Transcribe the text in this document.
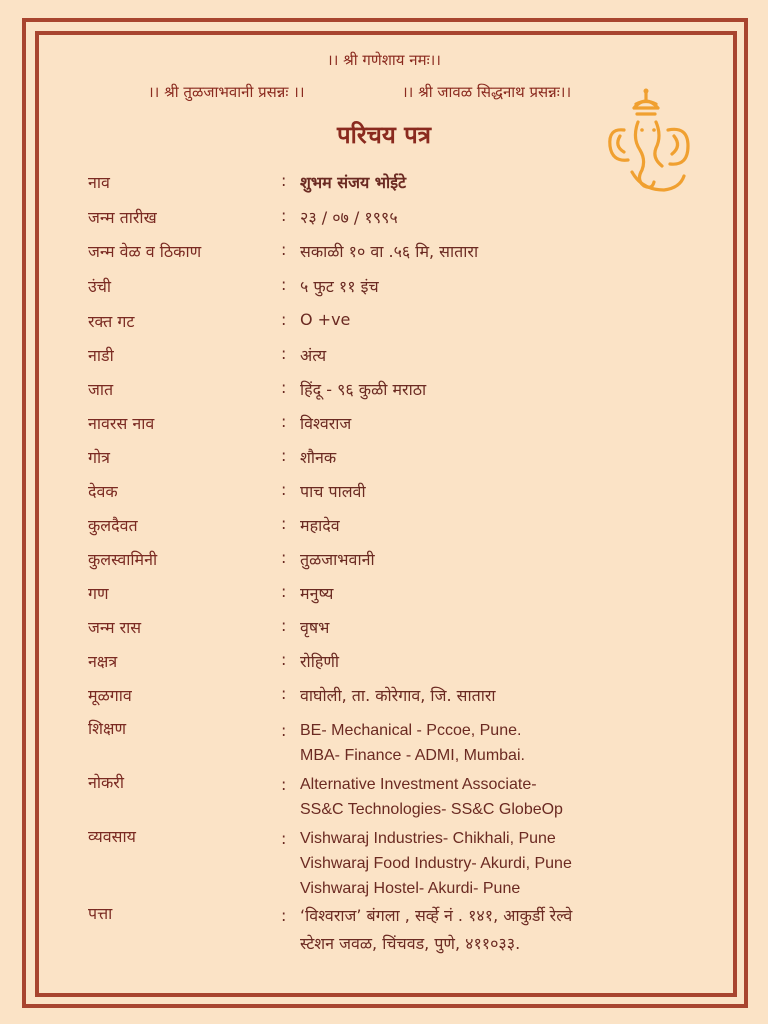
।। श्री गणेशाय नमः।।
।। श्री तुळजाभवानी प्रसन्नः ।।	।। श्री जावळ सिद्धनाथ प्रसन्नः।।
परिचय पत्र
नाव	: शुभम संजय भोईटे
जन्म तारीख	: २३ / ०७ / १९९५
जन्म वेळ व ठिकाण	: सकाळी १० वा .५६ मि, सातारा
उंची	: ५ फुट ११ इंच
रक्त गट	: O +ve
नाडी	: अंत्य
जात	: हिंदू - ९६ कुळी मराठा
नावरस नाव	: विश्वराज
गोत्र	: शौनक
देवक	: पाच पालवी
कुलदैवत	: महादेव
कुलस्वामिनी	: तुळजाभवानी
गण	: मनुष्य
जन्म रास	: वृषभ
नक्षत्र	: रोहिणी
मूळगाव	: वाघोली, ता. कोरेगाव, जि. सातारा
शिक्षण	: BE- Mechanical - Pccoe, Pune.
MBA- Finance - ADMI, Mumbai.
नोकरी	: Alternative Investment Associate-
SS&C Technologies- SS&C GlobeOp
व्यवसाय	: Vishwaraj Industries- Chikhali, Pune
Vishwaraj Food Industry- Akurdi, Pune
Vishwaraj Hostel- Akurdi- Pune
पत्ता	: ‘विश्वराज’ बंगला , सर्व्हे नं . १४१, आकुर्डी रेल्वे
स्टेशन जवळ, चिंचवड, पुणे, ४११०३३.
